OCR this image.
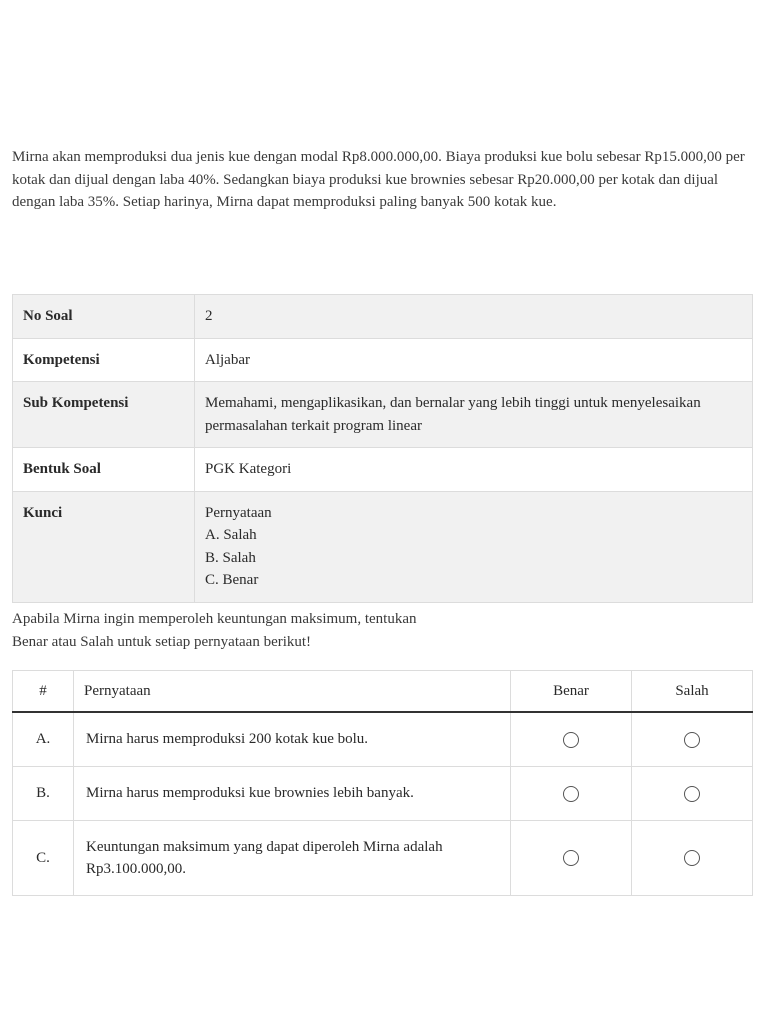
Mirna akan memproduksi dua jenis kue dengan modal Rp8.000.000,00. Biaya produksi kue bolu sebesar Rp15.000,00 per kotak dan dijual dengan laba 40%. Sedangkan biaya produksi kue brownies sebesar Rp20.000,00 per kotak dan dijual dengan laba 35%. Setiap harinya, Mirna dapat memproduksi paling banyak 500 kotak kue.

No Soal	2
Kompetensi	Aljabar
Sub Kompetensi	Memahami, mengaplikasikan, dan bernalar yang lebih tinggi untuk menyelesaikan permasalahan terkait program linear
Bentuk Soal	PGK Kategori
Kunci	Pernyataan
A. Salah
B. Salah
C. Benar

Apabila Mirna ingin memperoleh keuntungan maksimum, tentukan
Benar atau Salah untuk setiap pernyataan berikut!

#	Pernyataan	Benar	Salah
A.	Mirna harus memproduksi 200 kotak kue bolu.		
B.	Mirna harus memproduksi kue brownies lebih banyak.		
C.	Keuntungan maksimum yang dapat diperoleh Mirna adalah Rp3.100.000,00.		
